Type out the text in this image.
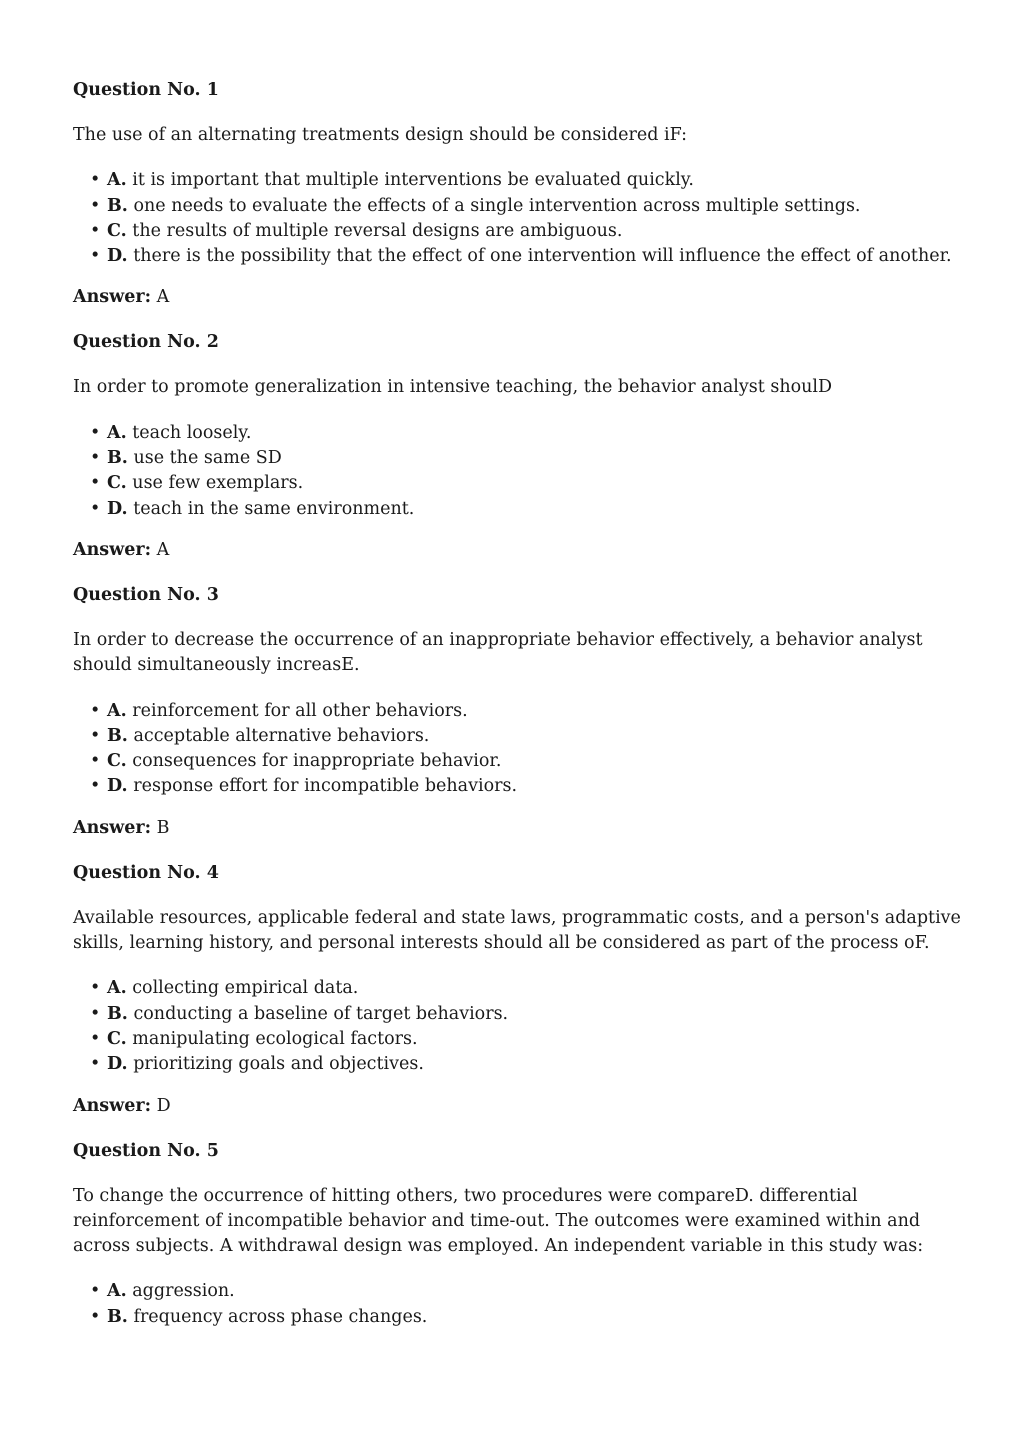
Question No. 1

The use of an alternating treatments design should be considered iF:

• A. it is important that multiple interventions be evaluated quickly.
• B. one needs to evaluate the effects of a single intervention across multiple settings.
• C. the results of multiple reversal designs are ambiguous.
• D. there is the possibility that the effect of one intervention will influence the effect of another.

Answer: A

Question No. 2

In order to promote generalization in intensive teaching, the behavior analyst shoulD

• A. teach loosely.
• B. use the same SD
• C. use few exemplars.
• D. teach in the same environment.

Answer: A

Question No. 3

In order to decrease the occurrence of an inappropriate behavior effectively, a behavior analyst should simultaneously increasE.

• A. reinforcement for all other behaviors.
• B. acceptable alternative behaviors.
• C. consequences for inappropriate behavior.
• D. response effort for incompatible behaviors.

Answer: B

Question No. 4

Available resources, applicable federal and state laws, programmatic costs, and a person's adaptive skills, learning history, and personal interests should all be considered as part of the process oF.

• A. collecting empirical data.
• B. conducting a baseline of target behaviors.
• C. manipulating ecological factors.
• D. prioritizing goals and objectives.

Answer: D

Question No. 5

To change the occurrence of hitting others, two procedures were compareD. differential reinforcement of incompatible behavior and time-out. The outcomes were examined within and across subjects. A withdrawal design was employed. An independent variable in this study was:

• A. aggression.
• B. frequency across phase changes.
